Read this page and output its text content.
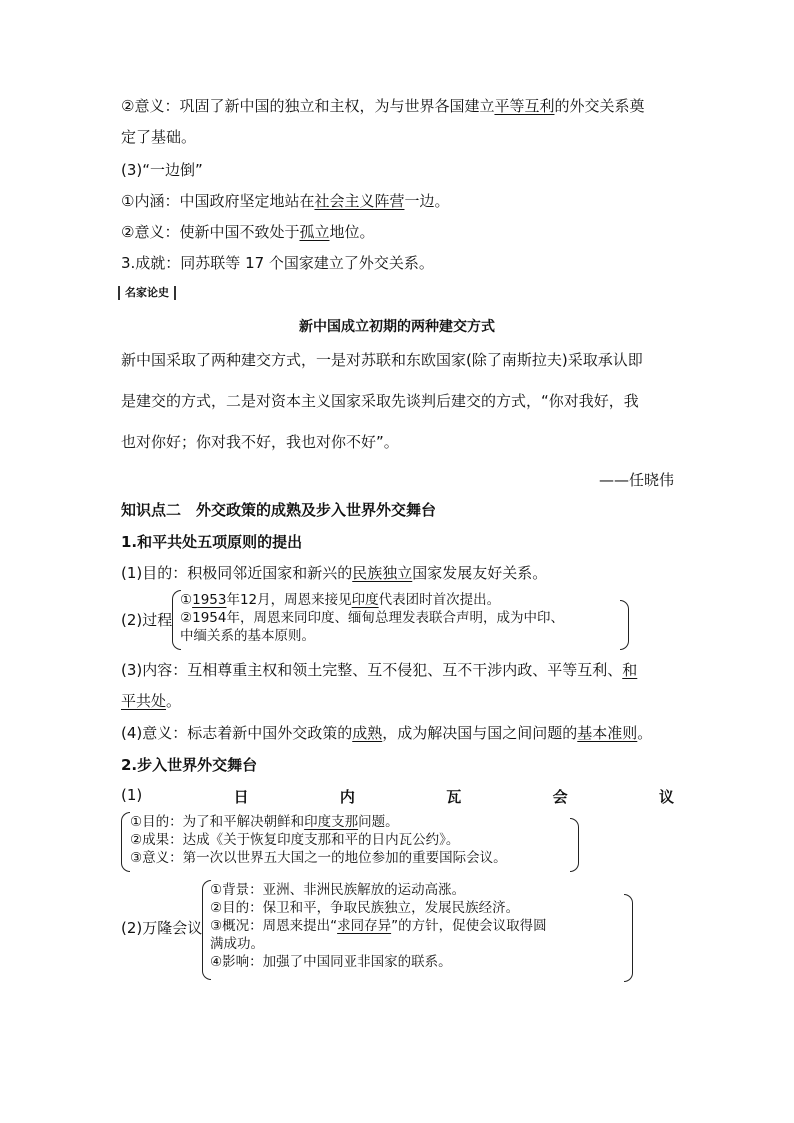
②意义：巩固了新中国的独立和主权，为与世界各国建立平等互利的外交关系奠
定了基础。
(3)“一边倒”
①内涵：中国政府坚定地站在社会主义阵营一边。
②意义：使新中国不致处于孤立地位。
3.成就：同苏联等 17 个国家建立了外交关系。
名家论史
新中国成立初期的两种建交方式
新中国采取了两种建交方式，一是对苏联和东欧国家(除了南斯拉夫)采取承认即
是建交的方式，二是对资本主义国家采取先谈判后建交的方式，“你对我好，我
也对你好；你对我不好，我也对你不好”。
——任晓伟
知识点二　外交政策的成熟及步入世界外交舞台
1.和平共处五项原则的提出
(1)目的：积极同邻近国家和新兴的民族独立国家发展友好关系。
(2)过程
①1953年12月，周恩来接见印度代表团时首次提出。
②1954年，周恩来同印度、缅甸总理发表联合声明，成为中印、
中缅关系的基本原则。
(3)内容：互相尊重主权和领土完整、互不侵犯、互不干涉内政、平等互利、和
平共处。
(4)意义：标志着新中国外交政策的成熟，成为解决国与国之间问题的基本准则。
2.步入世界外交舞台
(1)	日	内	瓦	会	议
①目的：为了和平解决朝鲜和印度支那问题。
②成果：达成《关于恢复印度支那和平的日内瓦公约》。
③意义：第一次以世界五大国之一的地位参加的重要国际会议。
(2)万隆会议
①背景：亚洲、非洲民族解放的运动高涨。
②目的：保卫和平，争取民族独立，发展民族经济。
③概况：周恩来提出“求同存异”的方针，促使会议取得圆
满成功。
④影响：加强了中国同亚非国家的联系。
